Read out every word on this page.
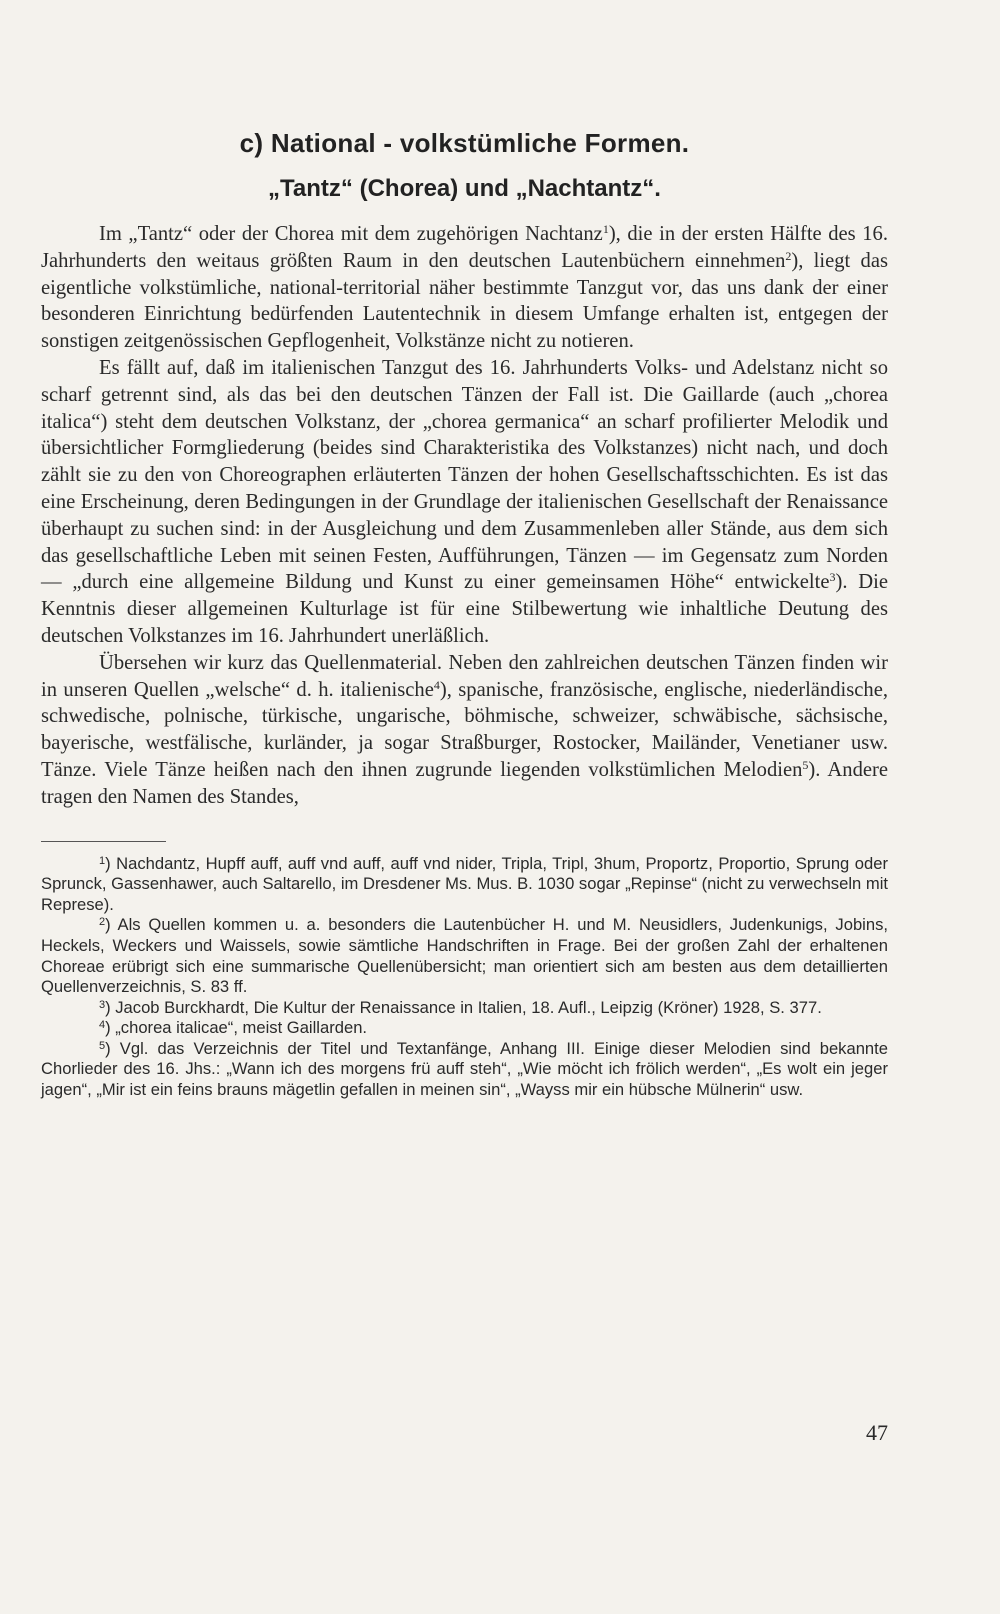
c) National - volkstümliche Formen.
„Tantz“ (Chorea) und „Nachtantz“.

Im „Tantz“ oder der Chorea mit dem zugehörigen Nachtanz$^1$), die in der ersten Hälfte des 16. Jahrhunderts den weitaus größten Raum in den deutschen Lautenbüchern einnehmen$^2$), liegt das eigentliche volkstümliche, national-territorial näher bestimmte Tanzgut vor, das uns dank der einer besonderen Einrichtung bedürfenden Lautentechnik in diesem Umfange erhalten ist, entgegen der sonstigen zeitgenössischen Gepflogenheit, Volkstänze nicht zu notieren.

Es fällt auf, daß im italienischen Tanzgut des 16. Jahrhunderts Volks- und Adelstanz nicht so scharf getrennt sind, als das bei den deutschen Tänzen der Fall ist. Die Gaillarde (auch „chorea italica“) steht dem deutschen Volkstanz, der „chorea germanica“ an scharf profilierter Melodik und übersichtlicher Formgliederung (beides sind Charakteristika des Volkstanzes) nicht nach, und doch zählt sie zu den von Choreographen erläuterten Tänzen der hohen Gesellschaftsschichten. Es ist das eine Erscheinung, deren Bedingungen in der Grundlage der italienischen Gesellschaft der Renaissance überhaupt zu suchen sind: in der Ausgleichung und dem Zusammenleben aller Stände, aus dem sich das gesellschaftliche Leben mit seinen Festen, Aufführungen, Tänzen — im Gegensatz zum Norden — „durch eine allgemeine Bildung und Kunst zu einer gemeinsamen Höhe“ entwickelte$^3$). Die Kenntnis dieser allgemeinen Kulturlage ist für eine Stilbewertung wie inhaltliche Deutung des deutschen Volkstanzes im 16. Jahrhundert unerläßlich.

Übersehen wir kurz das Quellenmaterial. Neben den zahlreichen deutschen Tänzen finden wir in unseren Quellen „welsche“ d. h. italienische$^4$), spanische, französische, englische, niederländische, schwedische, polnische, türkische, ungarische, böhmische, schweizer, schwäbische, sächsische, bayerische, westfälische, kurländer, ja sogar Straßburger, Rostocker, Mailänder, Venetianer usw. Tänze. Viele Tänze heißen nach den ihnen zugrunde liegenden volkstümlichen Melodien$^5$). Andere tragen den Namen des Standes,

$^1$) Nachdantz, Hupff auff, auff vnd auff, auff vnd nider, Tripla, Tripl, 3hum, Proportz, Proportio, Sprung oder Sprunck, Gassenhawer, auch Saltarello, im Dresdener Ms. Mus. B. 1030 sogar „Repinse“ (nicht zu verwechseln mit Represe).

$^2$) Als Quellen kommen u. a. besonders die Lautenbücher H. und M. Neusidlers, Judenkunigs, Jobins, Heckels, Weckers und Waissels, sowie sämtliche Handschriften in Frage. Bei der großen Zahl der erhaltenen Choreae erübrigt sich eine summarische Quellenübersicht; man orientiert sich am besten aus dem detaillierten Quellenverzeichnis, S. 83 ff.

$^3$) Jacob Burckhardt, Die Kultur der Renaissance in Italien, 18. Aufl., Leipzig (Kröner) 1928, S. 377.

$^4$) „chorea italicae“, meist Gaillarden.

$^5$) Vgl. das Verzeichnis der Titel und Textanfänge, Anhang III. Einige dieser Melodien sind bekannte Chorlieder des 16. Jhs.: „Wann ich des morgens frü auff steh“, „Wie möcht ich frölich werden“, „Es wolt ein jeger jagen“, „Mir ist ein feins brauns mägetlin gefallen in meinen sin“, „Wayss mir ein hübsche Mülnerin“ usw.

47
